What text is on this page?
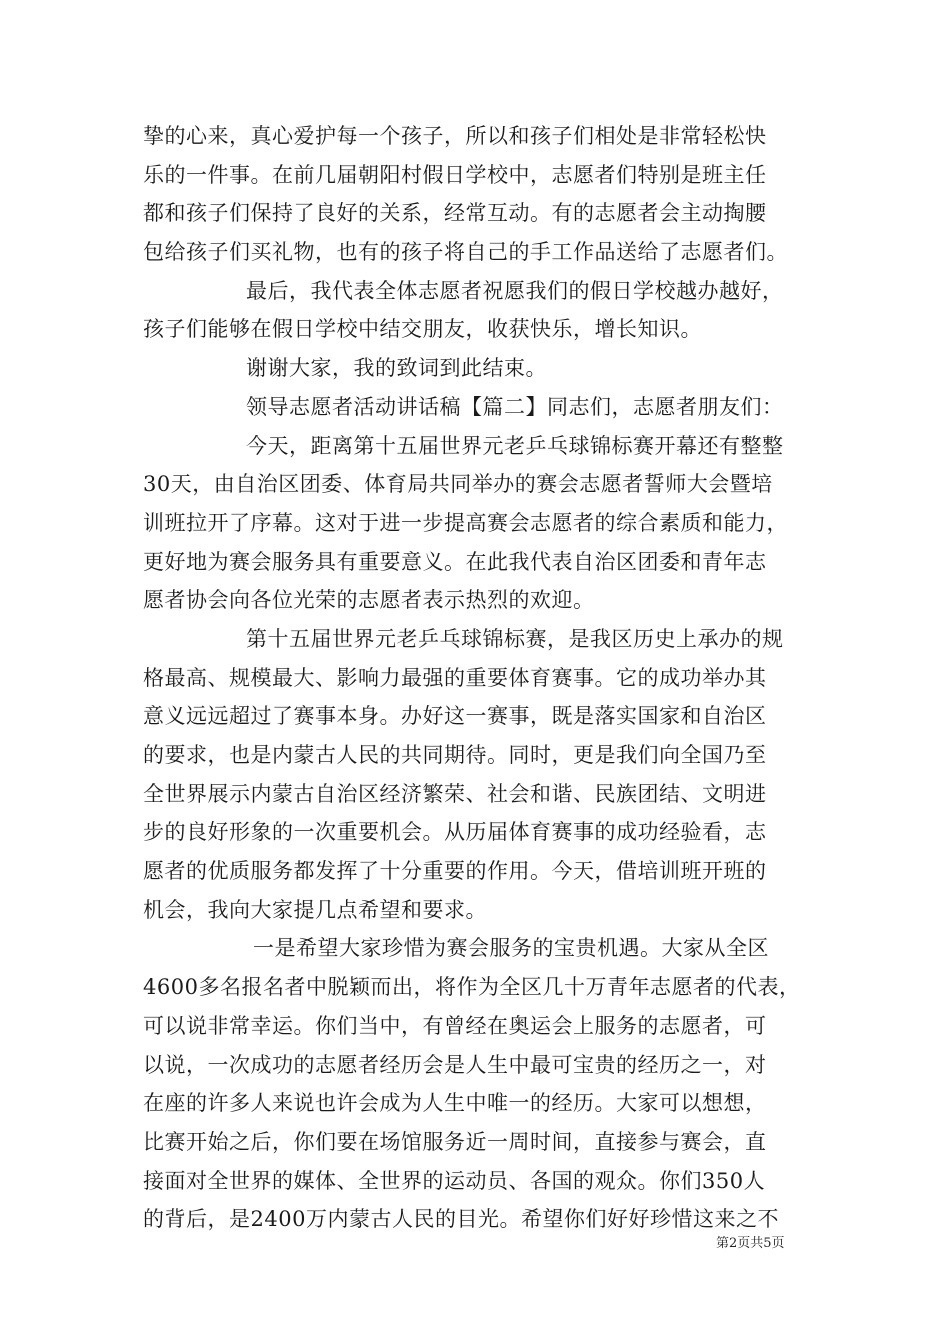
挚的心来，真心爱护每一个孩子，所以和孩子们相处是非常轻松快
乐的一件事。在前几届朝阳村假日学校中，志愿者们特别是班主任
都和孩子们保持了良好的关系，经常互动。有的志愿者会主动掏腰
包给孩子们买礼物，也有的孩子将自己的手工作品送给了志愿者们。
最后，我代表全体志愿者祝愿我们的假日学校越办越好，
孩子们能够在假日学校中结交朋友，收获快乐，增长知识。
谢谢大家，我的致词到此结束。
领导志愿者活动讲话稿【篇二】同志们，志愿者朋友们：
今天，距离第十五届世界元老乒乓球锦标赛开幕还有整整
30天，由自治区团委、体育局共同举办的赛会志愿者誓师大会暨培
训班拉开了序幕。这对于进一步提高赛会志愿者的综合素质和能力，
更好地为赛会服务具有重要意义。在此我代表自治区团委和青年志
愿者协会向各位光荣的志愿者表示热烈的欢迎。
第十五届世界元老乒乓球锦标赛，是我区历史上承办的规
格最高、规模最大、影响力最强的重要体育赛事。它的成功举办其
意义远远超过了赛事本身。办好这一赛事，既是落实国家和自治区
的要求，也是内蒙古人民的共同期待。同时，更是我们向全国乃至
全世界展示内蒙古自治区经济繁荣、社会和谐、民族团结、文明进
步的良好形象的一次重要机会。从历届体育赛事的成功经验看，志
愿者的优质服务都发挥了十分重要的作用。今天，借培训班开班的
机会，我向大家提几点希望和要求。
一是希望大家珍惜为赛会服务的宝贵机遇。大家从全区
4600多名报名者中脱颖而出，将作为全区几十万青年志愿者的代表，
可以说非常幸运。你们当中，有曾经在奥运会上服务的志愿者，可
以说，一次成功的志愿者经历会是人生中最可宝贵的经历之一，对
在座的许多人来说也许会成为人生中唯一的经历。大家可以想想，
比赛开始之后，你们要在场馆服务近一周时间，直接参与赛会，直
接面对全世界的媒体、全世界的运动员、各国的观众。你们350人
的背后，是2400万内蒙古人民的目光。希望你们好好珍惜这来之不
第2页共5页
